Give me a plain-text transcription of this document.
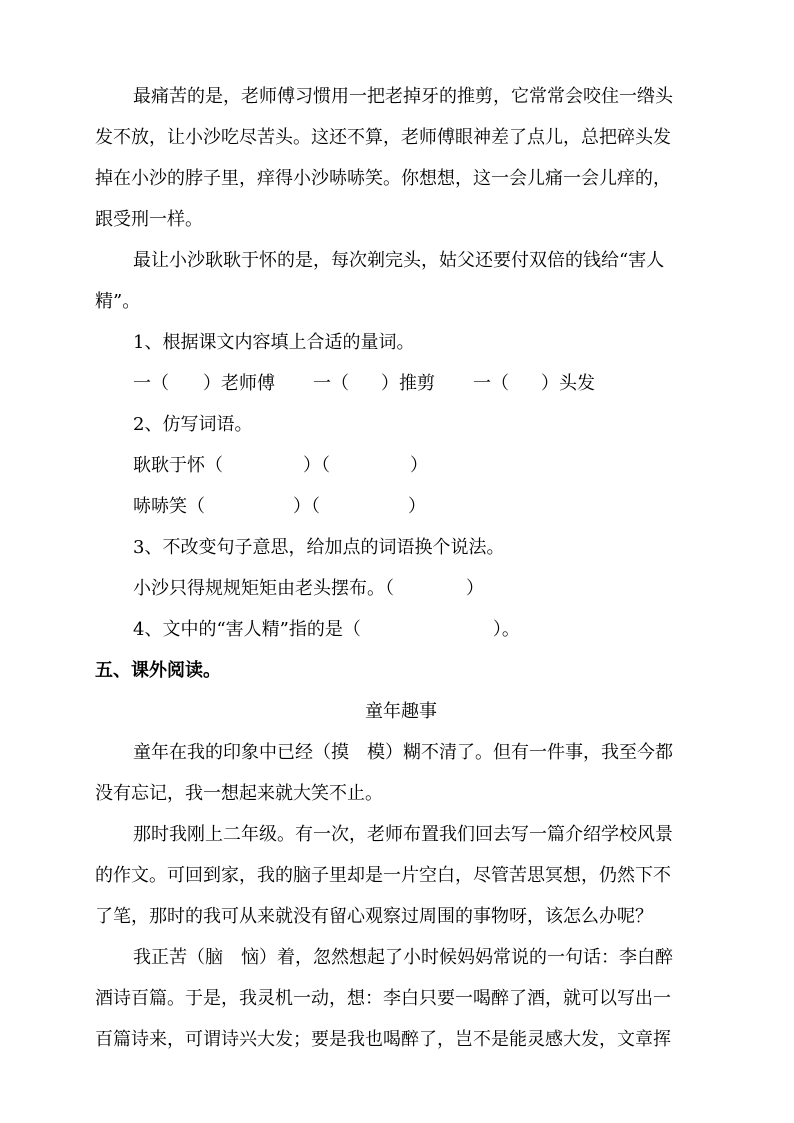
最痛苦的是，老师傅习惯用一把老掉牙的推剪，它常常会咬住一绺头
发不放，让小沙吃尽苦头。这还不算，老师傅眼神差了点儿，总把碎头发
掉在小沙的脖子里，痒得小沙哧哧笑。你想想，这一会儿痛一会儿痒的，
跟受刑一样。
最让小沙耿耿于怀的是，每次剃完头，姑父还要付双倍的钱给“害人
精”。
1、根据课文内容填上合适的量词。
一（ ）老师傅 一（ ）推剪 一（ ）头发
2、仿写词语。
耿耿于怀（	）（	）
哧哧笑（	）（	）
3、不改变句子意思，给加点的词语换个说法。
小沙只得规规矩矩由老头摆布。（	）
4、文中的“害人精”指的是（	）。
五、课外阅读。
童年趣事
童年在我的印象中已经（摸　模）糊不清了。但有一件事，我至今都
没有忘记，我一想起来就大笑不止。
那时我刚上二年级。有一次，老师布置我们回去写一篇介绍学校风景
的作文。可回到家，我的脑子里却是一片空白，尽管苦思冥想，仍然下不
了笔，那时的我可从来就没有留心观察过周围的事物呀，该怎么办呢？
我正苦（脑　恼）着，忽然想起了小时候妈妈常说的一句话：李白醉
酒诗百篇。于是，我灵机一动，想：李白只要一喝醉了酒，就可以写出一
百篇诗来，可谓诗兴大发；要是我也喝醉了，岂不是能灵感大发，文章挥
